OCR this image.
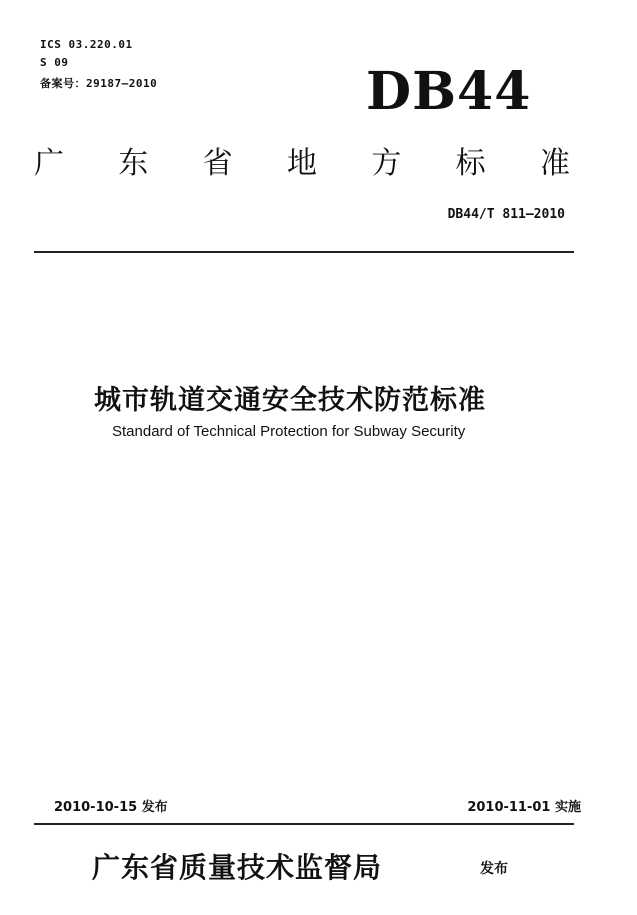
ICS 03.220.01
S 09
备案号：29187—2010	DB44
广 东 省 地 方 标 准
DB44/T 811—2010
城市轨道交通安全技术防范标准
Standard of Technical Protection for Subway Security
2010-10-15 发布	2010-11-01 实施
广东省质量技术监督局	发布
